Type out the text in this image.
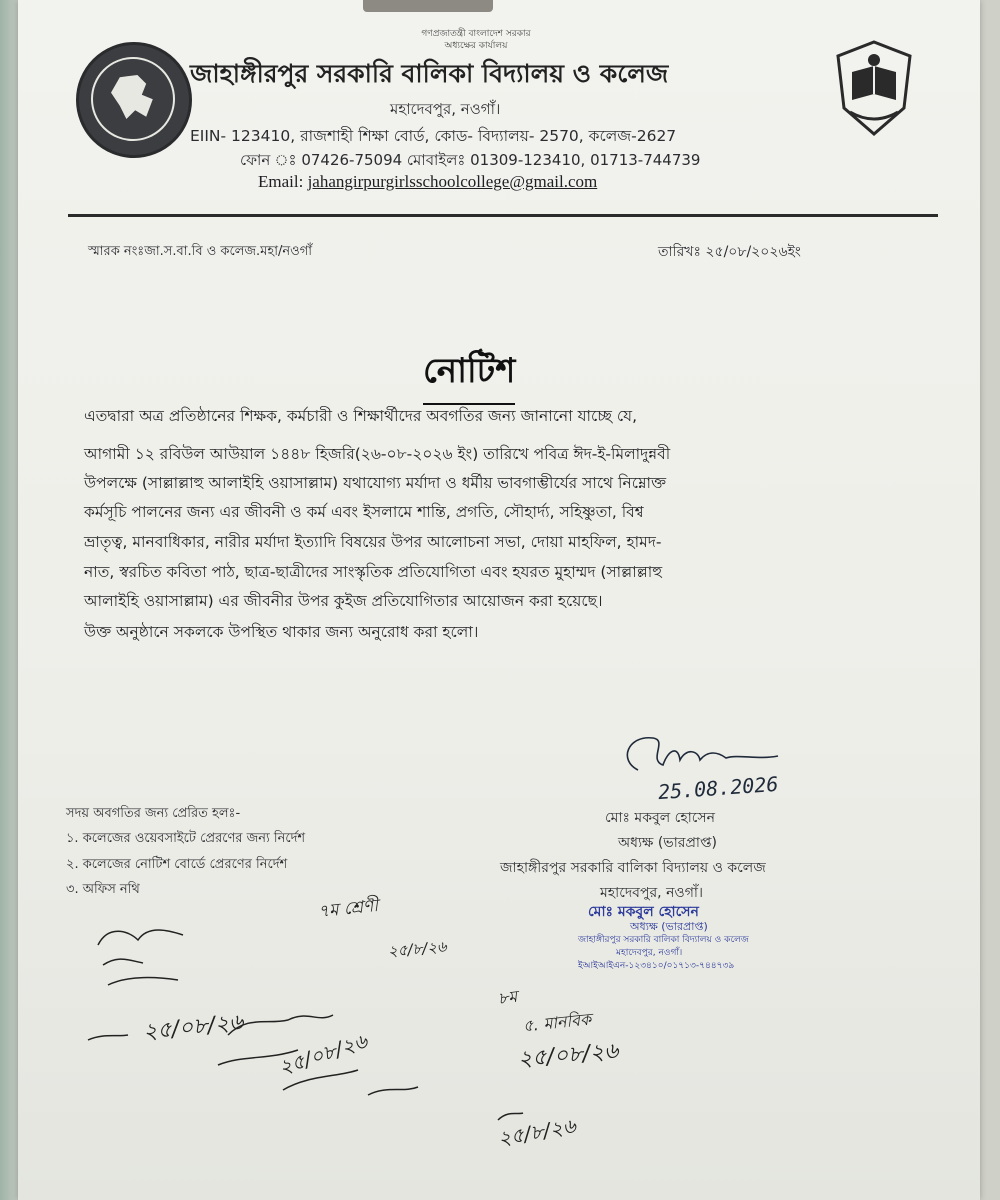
গণপ্রজাতন্ত্রী বাংলাদেশ সরকার
অধ্যক্ষের কার্যালয়
জাহাঙ্গীরপুর সরকারি বালিকা বিদ্যালয় ও কলেজ
মহাদেবপুর, নওগাঁ।
EIIN- 123410, রাজশাহী শিক্ষা বোর্ড, কোড- বিদ্যালয়- 2570, কলেজ-2627
ফোন ঃ 07426-75094 মোবাইলঃ 01309-123410, 01713-744739
Email: jahangirpurgirlsschoolcollege@gmail.com
স্মারক নংঃজা.স.বা.বি ও কলেজ.মহা/নওগাঁ	তারিখঃ ২৫/০৮/২০২৬ইং
নোটিশ
এতদ্বারা অত্র প্রতিষ্ঠানের শিক্ষক, কর্মচারী ও শিক্ষার্থীদের অবগতির জন্য জানানো যাচ্ছে যে,
আগামী ১২ রবিউল আউয়াল ১৪৪৮ হিজরি(২৬-০৮-২০২৬ ইং) তারিখে পবিত্র ঈদ-ই-মিলাদুন্নবী
উপলক্ষে (সাল্লাল্লাহু আলাইহি ওয়াসাল্লাম) যথাযোগ্য মর্যাদা ও ধর্মীয় ভাবগাম্ভীর্যের সাথে নিম্নোক্ত
কর্মসূচি পালনের জন্য এর জীবনী ও কর্ম এবং ইসলামে শান্তি, প্রগতি, সৌহার্দ্য, সহিষ্ণুতা, বিশ্ব
ভ্রাতৃত্ব, মানবাধিকার, নারীর মর্যাদা ইত্যাদি বিষয়ের উপর আলোচনা সভা, দোয়া মাহফিল, হামদ-
নাত, স্বরচিত কবিতা পাঠ, ছাত্র-ছাত্রীদের সাংস্কৃতিক প্রতিযোগিতা এবং হযরত মুহাম্মদ (সাল্লাল্লাহু
আলাইহি ওয়াসাল্লাম) এর জীবনীর উপর কুইজ প্রতিযোগিতার আয়োজন করা হয়েছে।
উক্ত অনুষ্ঠানে সকলকে উপস্থিত থাকার জন্য অনুরোধ করা হলো।
25.08.2026
মোঃ মকবুল হোসেন
অধ্যক্ষ (ভারপ্রাপ্ত)
জাহাঙ্গীরপুর সরকারি বালিকা বিদ্যালয় ও কলেজ
মহাদেবপুর, নওগাঁ।
মোঃ মকবুল হোসেন
অধ্যক্ষ (ভারপ্রাপ্ত)
জাহাঙ্গীরপুর সরকারি বালিকা বিদ্যালয় ও কলেজ
মহাদেবপুর, নওগাঁ।
ইআইআইএন-১২৩৪১০/০১৭১৩-৭৪৪৭৩৯
সদয় অবগতির জন্য প্রেরিত হলঃ-
১. কলেজের ওয়েবসাইটে প্রেরণের জন্য নির্দেশ
২. কলেজের নোটিশ বোর্ডে প্রেরণের নির্দেশ
৩. অফিস নথি
৭ম শ্রেণী
২৫/৮/২৬
৮ম
৫. মানবিক
২৫/০৮/২৬
২৫/০৮/২৬
২৫/০৮/২৬
২৫/৮/২৬
